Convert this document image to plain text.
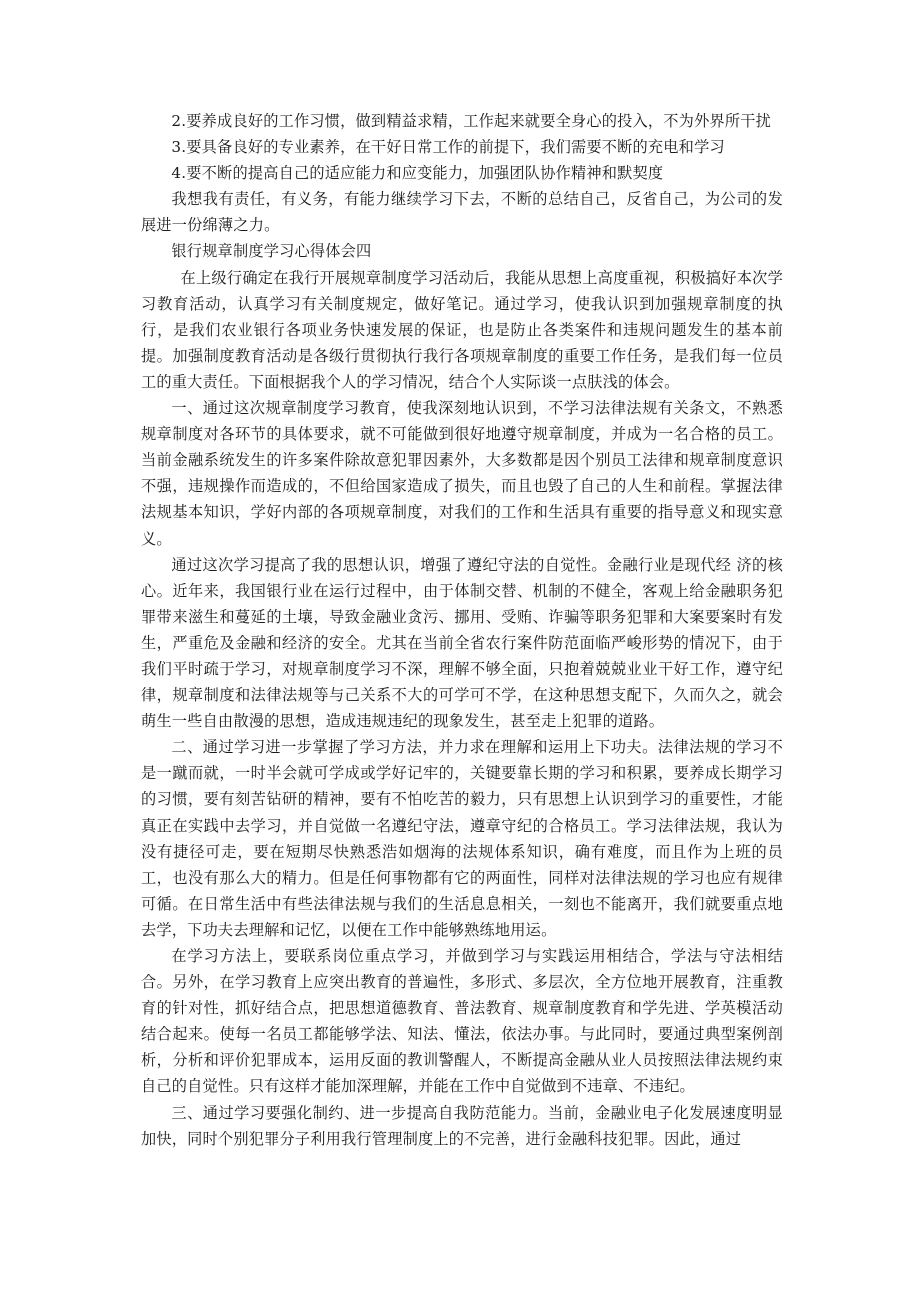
2.要养成良好的工作习惯，做到精益求精，工作起来就要全身心的投入，不为外界所干扰

3.要具备良好的专业素养，在干好日常工作的前提下，我们需要不断的充电和学习

4.要不断的提高自己的适应能力和应变能力，加强团队协作精神和默契度

我想我有责任，有义务，有能力继续学习下去，不断的总结自己，反省自己，为公司的发展进一份绵薄之力。

银行规章制度学习心得体会四

在上级行确定在我行开展规章制度学习活动后，我能从思想上高度重视，积极搞好本次学习教育活动，认真学习有关制度规定，做好笔记。通过学习，使我认识到加强规章制度的执行，是我们农业银行各项业务快速发展的保证，也是防止各类案件和违规问题发生的基本前提。加强制度教育活动是各级行贯彻执行我行各项规章制度的重要工作任务，是我们每一位员工的重大责任。下面根据我个人的学习情况，结合个人实际谈一点肤浅的体会。

一、通过这次规章制度学习教育，使我深刻地认识到，不学习法律法规有关条文，不熟悉规章制度对各环节的具体要求，就不可能做到很好地遵守规章制度，并成为一名合格的员工。当前金融系统发生的许多案件除故意犯罪因素外，大多数都是因个别员工法律和规章制度意识不强，违规操作而造成的，不但给国家造成了损失，而且也毁了自己的人生和前程。掌握法律法规基本知识，学好内部的各项规章制度，对我们的工作和生活具有重要的指导意义和现实意义。

通过这次学习提高了我的思想认识，增强了遵纪守法的自觉性。金融行业是现代经 济的核心。近年来，我国银行业在运行过程中，由于体制交替、机制的不健全，客观上给金融职务犯罪带来滋生和蔓延的土壤，导致金融业贪污、挪用、受贿、诈骗等职务犯罪和大案要案时有发生，严重危及金融和经济的安全。尤其在当前全省农行案件防范面临严峻形势的情况下，由于我们平时疏于学习，对规章制度学习不深，理解不够全面，只抱着兢兢业业干好工作，遵守纪律，规章制度和法律法规等与己关系不大的可学可不学，在这种思想支配下，久而久之，就会萌生一些自由散漫的思想，造成违规违纪的现象发生，甚至走上犯罪的道路。

二、通过学习进一步掌握了学习方法，并力求在理解和运用上下功夫。法律法规的学习不是一蹴而就，一时半会就可学成或学好记牢的，关键要靠长期的学习和积累，要养成长期学习的习惯，要有刻苦钻研的精神，要有不怕吃苦的毅力，只有思想上认识到学习的重要性，才能真正在实践中去学习，并自觉做一名遵纪守法，遵章守纪的合格员工。学习法律法规，我认为没有捷径可走，要在短期尽快熟悉浩如烟海的法规体系知识，确有难度，而且作为上班的员工，也没有那么大的精力。但是任何事物都有它的两面性，同样对法律法规的学习也应有规律可循。在日常生活中有些法律法规与我们的生活息息相关，一刻也不能离开，我们就要重点地去学，下功夫去理解和记忆，以便在工作中能够熟练地用运。

在学习方法上，要联系岗位重点学习，并做到学习与实践运用相结合，学法与守法相结合。另外，在学习教育上应突出教育的普遍性，多形式、多层次，全方位地开展教育，注重教育的针对性，抓好结合点，把思想道德教育、普法教育、规章制度教育和学先进、学英模活动结合起来。使每一名员工都能够学法、知法、懂法，依法办事。与此同时，要通过典型案例剖析，分析和评价犯罪成本，运用反面的教训警醒人，不断提高金融从业人员按照法律法规约束自己的自觉性。只有这样才能加深理解，并能在工作中自觉做到不违章、不违纪。

三、通过学习要强化制约、进一步提高自我防范能力。当前，金融业电子化发展速度明显加快，同时个别犯罪分子利用我行管理制度上的不完善，进行金融科技犯罪。因此，通过
